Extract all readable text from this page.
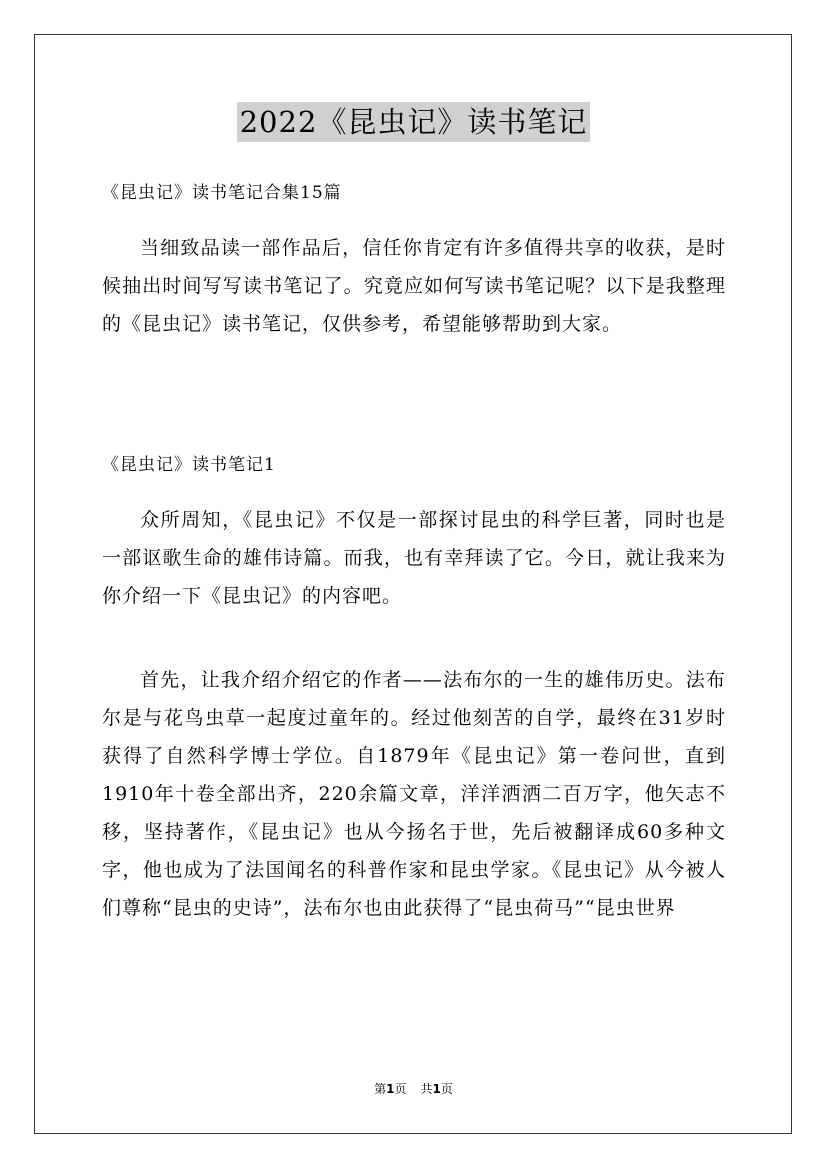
2022《昆虫记》读书笔记
《昆虫记》读书笔记合集15篇

当细致品读一部作品后，信任你肯定有许多值得共享的收获，是时候抽出时间写写读书笔记了。究竟应如何写读书笔记呢？以下是我整理的《昆虫记》读书笔记，仅供参考，希望能够帮助到大家。

《昆虫记》读书笔记1

众所周知，《昆虫记》不仅是一部探讨昆虫的科学巨著，同时也是一部讴歌生命的雄伟诗篇。而我，也有幸拜读了它。今日，就让我来为你介绍一下《昆虫记》的内容吧。

首先，让我介绍介绍它的作者——法布尔的一生的雄伟历史。法布尔是与花鸟虫草一起度过童年的。经过他刻苦的自学，最终在31岁时获得了自然科学博士学位。自1879年《昆虫记》第一卷问世，直到1910年十卷全部出齐，220余篇文章，洋洋洒洒二百万字，他矢志不移，坚持著作，《昆虫记》也从今扬名于世，先后被翻译成60多种文字，他也成为了法国闻名的科普作家和昆虫学家。《昆虫记》从今被人们尊称“昆虫的史诗”，法布尔也由此获得了“昆虫荷马”“昆虫世界

第1页 共1页
